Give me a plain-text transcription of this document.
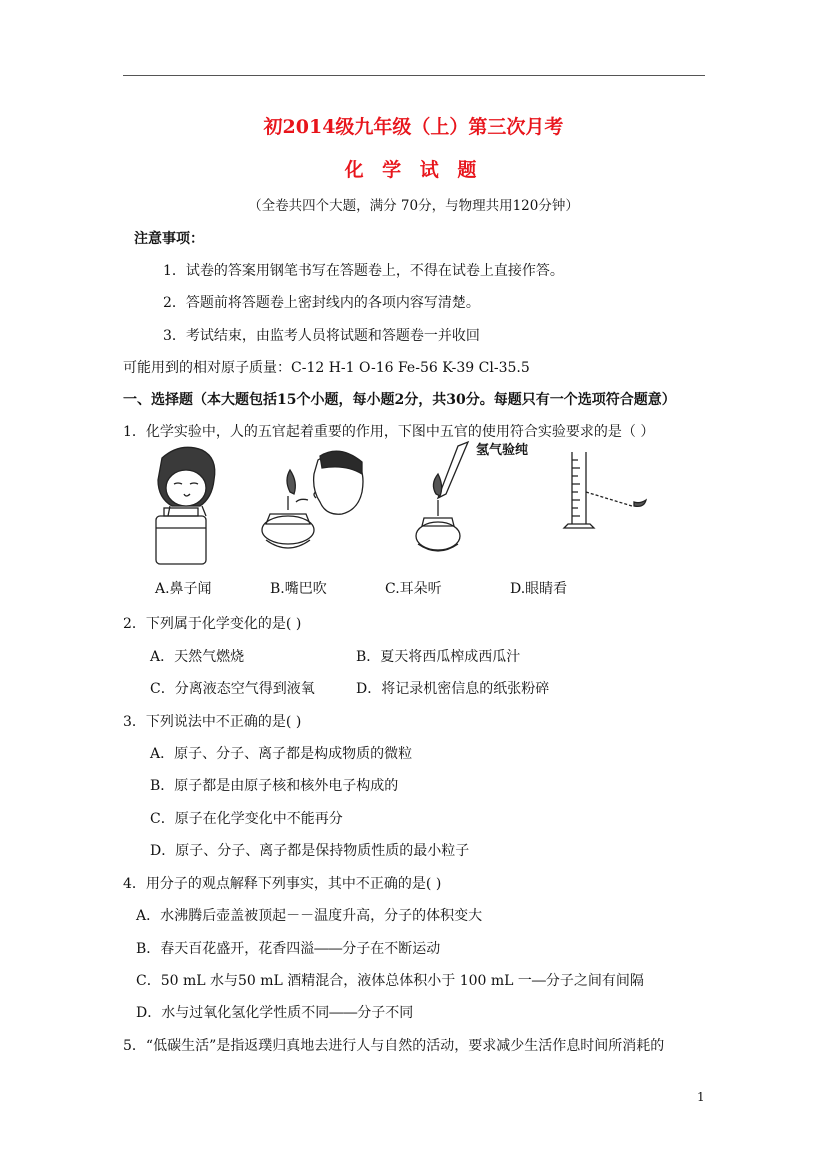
初2014级九年级（上）第三次月考
化 学 试 题
（全卷共四个大题，满分 70分，与物理共用120分钟）
注意事项：
1．试卷的答案用钢笔书写在答题卷上，不得在试卷上直接作答。
2．答题前将答题卷上密封线内的各项内容写清楚。
3．考试结束，由监考人员将试题和答题卷一并收回
可能用到的相对原子质量：C-12 H-1 O-16 Fe-56 K-39 Cl-35.5
一、选择题（本大题包括15个小题，每小题2分，共30分。每题只有一个选项符合题意）
1．化学实验中，人的五官起着重要的作用，下图中五官的使用符合实验要求的是（ ）
氢气验纯
A.鼻子闻	B.嘴巴吹	C.耳朵听	D.眼睛看
2．下列属于化学变化的是( )
A．天然气燃烧	B．夏天将西瓜榨成西瓜汁
C．分离液态空气得到液氧	D．将记录机密信息的纸张粉碎
3．下列说法中不正确的是( )
A．原子、分子、离子都是构成物质的微粒
B．原子都是由原子核和核外电子构成的
C．原子在化学变化中不能再分
D．原子、分子、离子都是保持物质性质的最小粒子
4．用分子的观点解释下列事实，其中不正确的是( )
A．水沸腾后壶盖被顶起－－温度升高，分子的体积变大
B．春天百花盛开，花香四溢――分子在不断运动
C．50 mL 水与50 mL 酒精混合，液体总体积小于 100 mL 一―分子之间有间隔
D．水与过氧化氢化学性质不同――分子不同
5．“低碳生活”是指返璞归真地去进行人与自然的活动，要求减少生活作息时间所消耗的
1
